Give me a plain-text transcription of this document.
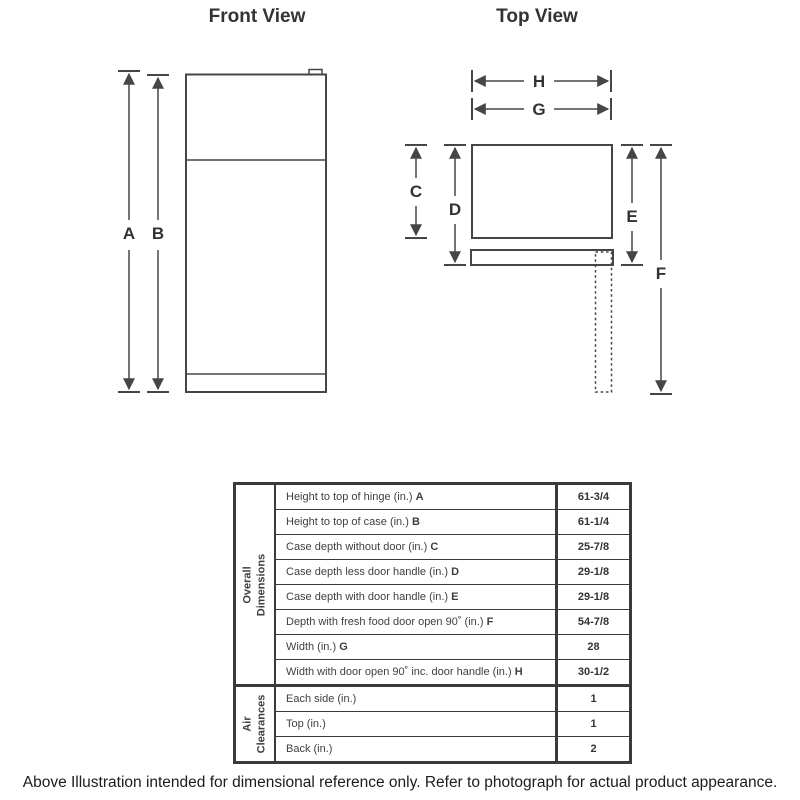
Front View	Top View
A B
H
G
C
D	E
F
Overall Dimensions	Height to top of hinge (in.) A	61-3/4
	Height to top of case (in.) B	61-1/4
	Case depth without door (in.) C	25-7/8
	Case depth less door handle (in.) D	29-1/8
	Case depth with door handle (in.) E	29-1/8
	Depth with fresh food door open 90˚ (in.) F	54-7/8
	Width (in.) G	28
	Width with door open 90˚ inc. door handle (in.) H	30-1/2

Air Clearances	Each side (in.)	1
	Top (in.)	1
	Back (in.)	2
Above Illustration intended for dimensional reference only. Refer to photograph for actual product appearance.
